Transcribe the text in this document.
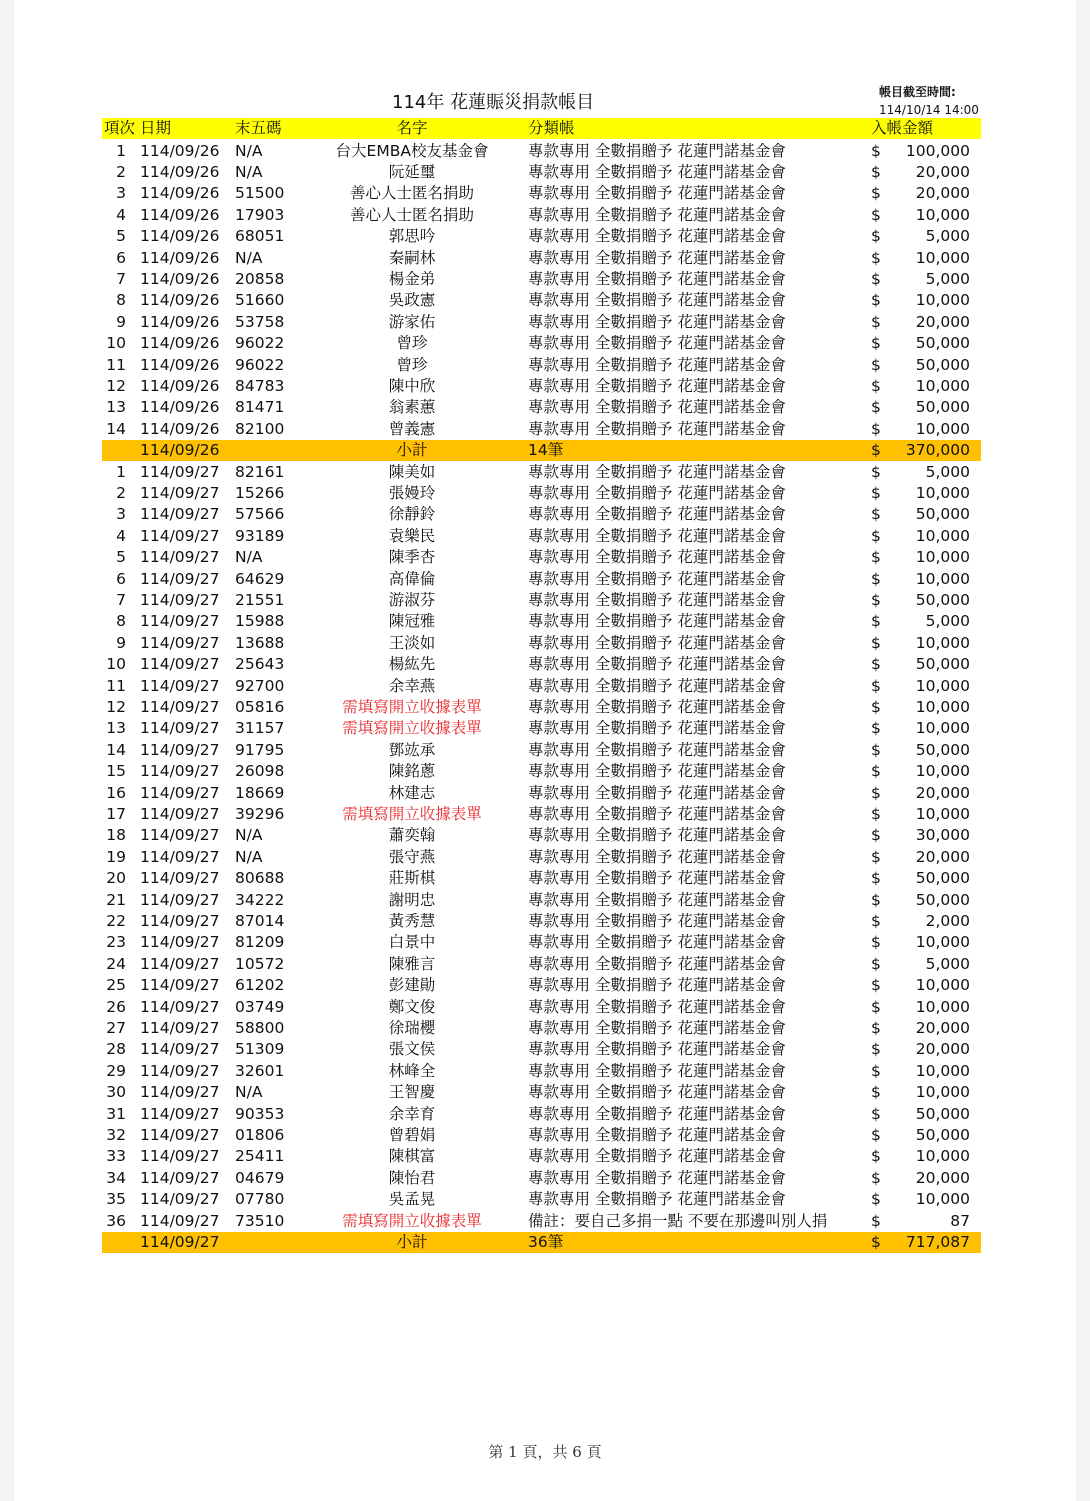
114年 花蓮賑災捐款帳目	帳目截至時間:
114/10/14 14:00
項次 日期	末五碼	名字	分類帳	入帳金額
1 114/09/26 N/A	台大EMBA校友基金會	專款專用 全數捐贈予 花蓮門諾基金會	$	100,000
2 114/09/26 N/A	阮延璽	專款專用 全數捐贈予 花蓮門諾基金會	$	20,000
3 114/09/26 51500	善心人士匿名捐助	專款專用 全數捐贈予 花蓮門諾基金會	$	20,000
4 114/09/26 17903	善心人士匿名捐助	專款專用 全數捐贈予 花蓮門諾基金會	$	10,000
5 114/09/26 68051	郭思吟	專款專用 全數捐贈予 花蓮門諾基金會	$	5,000
6 114/09/26 N/A	秦嗣林	專款專用 全數捐贈予 花蓮門諾基金會	$	10,000
7 114/09/26 20858	楊金弟	專款專用 全數捐贈予 花蓮門諾基金會	$	5,000
8 114/09/26 51660	吳政憲	專款專用 全數捐贈予 花蓮門諾基金會	$	10,000
9 114/09/26 53758	游家佑	專款專用 全數捐贈予 花蓮門諾基金會	$	20,000
10 114/09/26 96022	曾珍	專款專用 全數捐贈予 花蓮門諾基金會	$	50,000
11 114/09/26 96022	曾珍	專款專用 全數捐贈予 花蓮門諾基金會	$	50,000
12 114/09/26 84783	陳中欣	專款專用 全數捐贈予 花蓮門諾基金會	$	10,000
13 114/09/26 81471	翁素蕙	專款專用 全數捐贈予 花蓮門諾基金會	$	50,000
14 114/09/26 82100	曾義憲	專款專用 全數捐贈予 花蓮門諾基金會	$	10,000
114/09/26	小計	14筆	$	370,000
1 114/09/27 82161	陳美如	專款專用 全數捐贈予 花蓮門諾基金會	$	5,000
2 114/09/27 15266	張嫚玲	專款專用 全數捐贈予 花蓮門諾基金會	$	10,000
3 114/09/27 57566	徐靜鈴	專款專用 全數捐贈予 花蓮門諾基金會	$	50,000
4 114/09/27 93189	袁樂民	專款專用 全數捐贈予 花蓮門諾基金會	$	10,000
5 114/09/27 N/A	陳季杏	專款專用 全數捐贈予 花蓮門諾基金會	$	10,000
6 114/09/27 64629	高偉倫	專款專用 全數捐贈予 花蓮門諾基金會	$	10,000
7 114/09/27 21551	游淑芬	專款專用 全數捐贈予 花蓮門諾基金會	$	50,000
8 114/09/27 15988	陳冠雅	專款專用 全數捐贈予 花蓮門諾基金會	$	5,000
9 114/09/27 13688	王淡如	專款專用 全數捐贈予 花蓮門諾基金會	$	10,000
10 114/09/27 25643	楊紘先	專款專用 全數捐贈予 花蓮門諾基金會	$	50,000
11 114/09/27 92700	余幸燕	專款專用 全數捐贈予 花蓮門諾基金會	$	10,000
12 114/09/27 05816	需填寫開立收據表單	專款專用 全數捐贈予 花蓮門諾基金會	$	10,000
13 114/09/27 31157	需填寫開立收據表單	專款專用 全數捐贈予 花蓮門諾基金會	$	10,000
14 114/09/27 91795	鄧竑承	專款專用 全數捐贈予 花蓮門諾基金會	$	50,000
15 114/09/27 26098	陳銘蔥	專款專用 全數捐贈予 花蓮門諾基金會	$	10,000
16 114/09/27 18669	林建志	專款專用 全數捐贈予 花蓮門諾基金會	$	20,000
17 114/09/27 39296	需填寫開立收據表單	專款專用 全數捐贈予 花蓮門諾基金會	$	10,000
18 114/09/27 N/A	蕭奕翰	專款專用 全數捐贈予 花蓮門諾基金會	$	30,000
19 114/09/27 N/A	張守燕	專款專用 全數捐贈予 花蓮門諾基金會	$	20,000
20 114/09/27 80688	莊斯棋	專款專用 全數捐贈予 花蓮門諾基金會	$	50,000
21 114/09/27 34222	謝明忠	專款專用 全數捐贈予 花蓮門諾基金會	$	50,000
22 114/09/27 87014	黃秀慧	專款專用 全數捐贈予 花蓮門諾基金會	$	2,000
23 114/09/27 81209	白景中	專款專用 全數捐贈予 花蓮門諾基金會	$	10,000
24 114/09/27 10572	陳雅言	專款專用 全數捐贈予 花蓮門諾基金會	$	5,000
25 114/09/27 61202	彭建勛	專款專用 全數捐贈予 花蓮門諾基金會	$	10,000
26 114/09/27 03749	鄭文俊	專款專用 全數捐贈予 花蓮門諾基金會	$	10,000
27 114/09/27 58800	徐瑞櫻	專款專用 全數捐贈予 花蓮門諾基金會	$	20,000
28 114/09/27 51309	張文侯	專款專用 全數捐贈予 花蓮門諾基金會	$	20,000
29 114/09/27 32601	林峰全	專款專用 全數捐贈予 花蓮門諾基金會	$	10,000
30 114/09/27 N/A	王智慶	專款專用 全數捐贈予 花蓮門諾基金會	$	10,000
31 114/09/27 90353	余幸育	專款專用 全數捐贈予 花蓮門諾基金會	$	50,000
32 114/09/27 01806	曾碧娟	專款專用 全數捐贈予 花蓮門諾基金會	$	50,000
33 114/09/27 25411	陳棋富	專款專用 全數捐贈予 花蓮門諾基金會	$	10,000
34 114/09/27 04679	陳怡君	專款專用 全數捐贈予 花蓮門諾基金會	$	20,000
35 114/09/27 07780	吳孟晃	專款專用 全數捐贈予 花蓮門諾基金會	$	10,000
36 114/09/27 73510	需填寫開立收據表單	備註：要自己多捐一點 不要在那邊叫別人捐	$	87
114/09/27	小計	36筆	$	717,087
第 1 頁，共 6 頁
